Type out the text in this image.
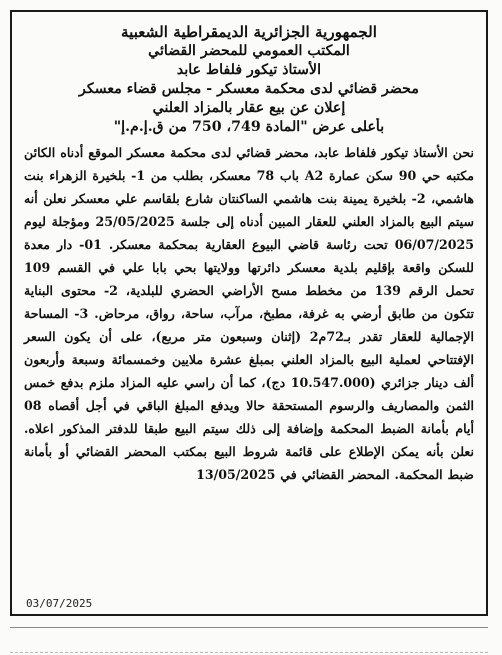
الجمهورية الجزائرية الديمقراطية الشعبية
المكتب العمومي للمحضر القضائي
الأستاذ تيكور فلفاط عابد
محضر قضائي لدى محكمة معسكر - مجلس قضاء معسكر
إعلان عن بيع عقار بالمزاد العلني
بأعلى عرض "المادة 749، 750 من ق.إ.م.إ"
نحن الأستاذ تيكور فلفاط عابد، محضر قضائي لدى محكمة معسكر الموقع أدناه الكائن مكتبه حي 90 سكن عمارة A2 باب 78 معسكر، بطلب من 1- بلخيرة الزهراء بنت هاشمي، 2- بلخيرة يمينة بنت هاشمي الساكنتان شارع بلقاسم علي معسكر نعلن أنه سيتم البيع بالمزاد العلني للعقار المبين أدناه إلى جلسة 25/05/2025 ومؤجلة ليوم 06/07/2025 تحت رئاسة قاضي البيوع العقارية بمحكمة معسكر. 01- دار معدة للسكن واقعة بإقليم بلدية معسكر دائرتها وولايتها بحي بابا علي في القسم 109 تحمل الرقم 139 من مخطط مسح الأراضي الحضري للبلدية، 2- محتوى البناية تتكون من طابق أرضي به غرفة، مطبخ، مرآب، ساحة، رواق، مرحاض. 3- المساحة الإجمالية للعقار تقدر بـ72م2 (إثنان وسبعون متر مربع)، على أن يكون السعر الإفتتاحي لعملية البيع بالمزاد العلني بمبلغ عشرة ملايين وخمسمائة وسبعة وأربعون ألف دينار جزائري (10.547.000 دج)، كما أن راسي عليه المزاد ملزم بدفع خمس الثمن والمصاريف والرسوم المستحقة حالا ويدفع المبلغ الباقي في أجل أقصاه 08 أيام بأمانة الضبط المحكمة وإضافة إلى ذلك سيتم البيع طبقا للدفتر المذكور اعلاه. نعلن بأنه يمكن الإطلاع على قائمة شروط البيع بمكتب المحضر القضائي أو بأمانة ضبط المحكمة. المحضر القضائي في 13/05/2025
03/07/2025
